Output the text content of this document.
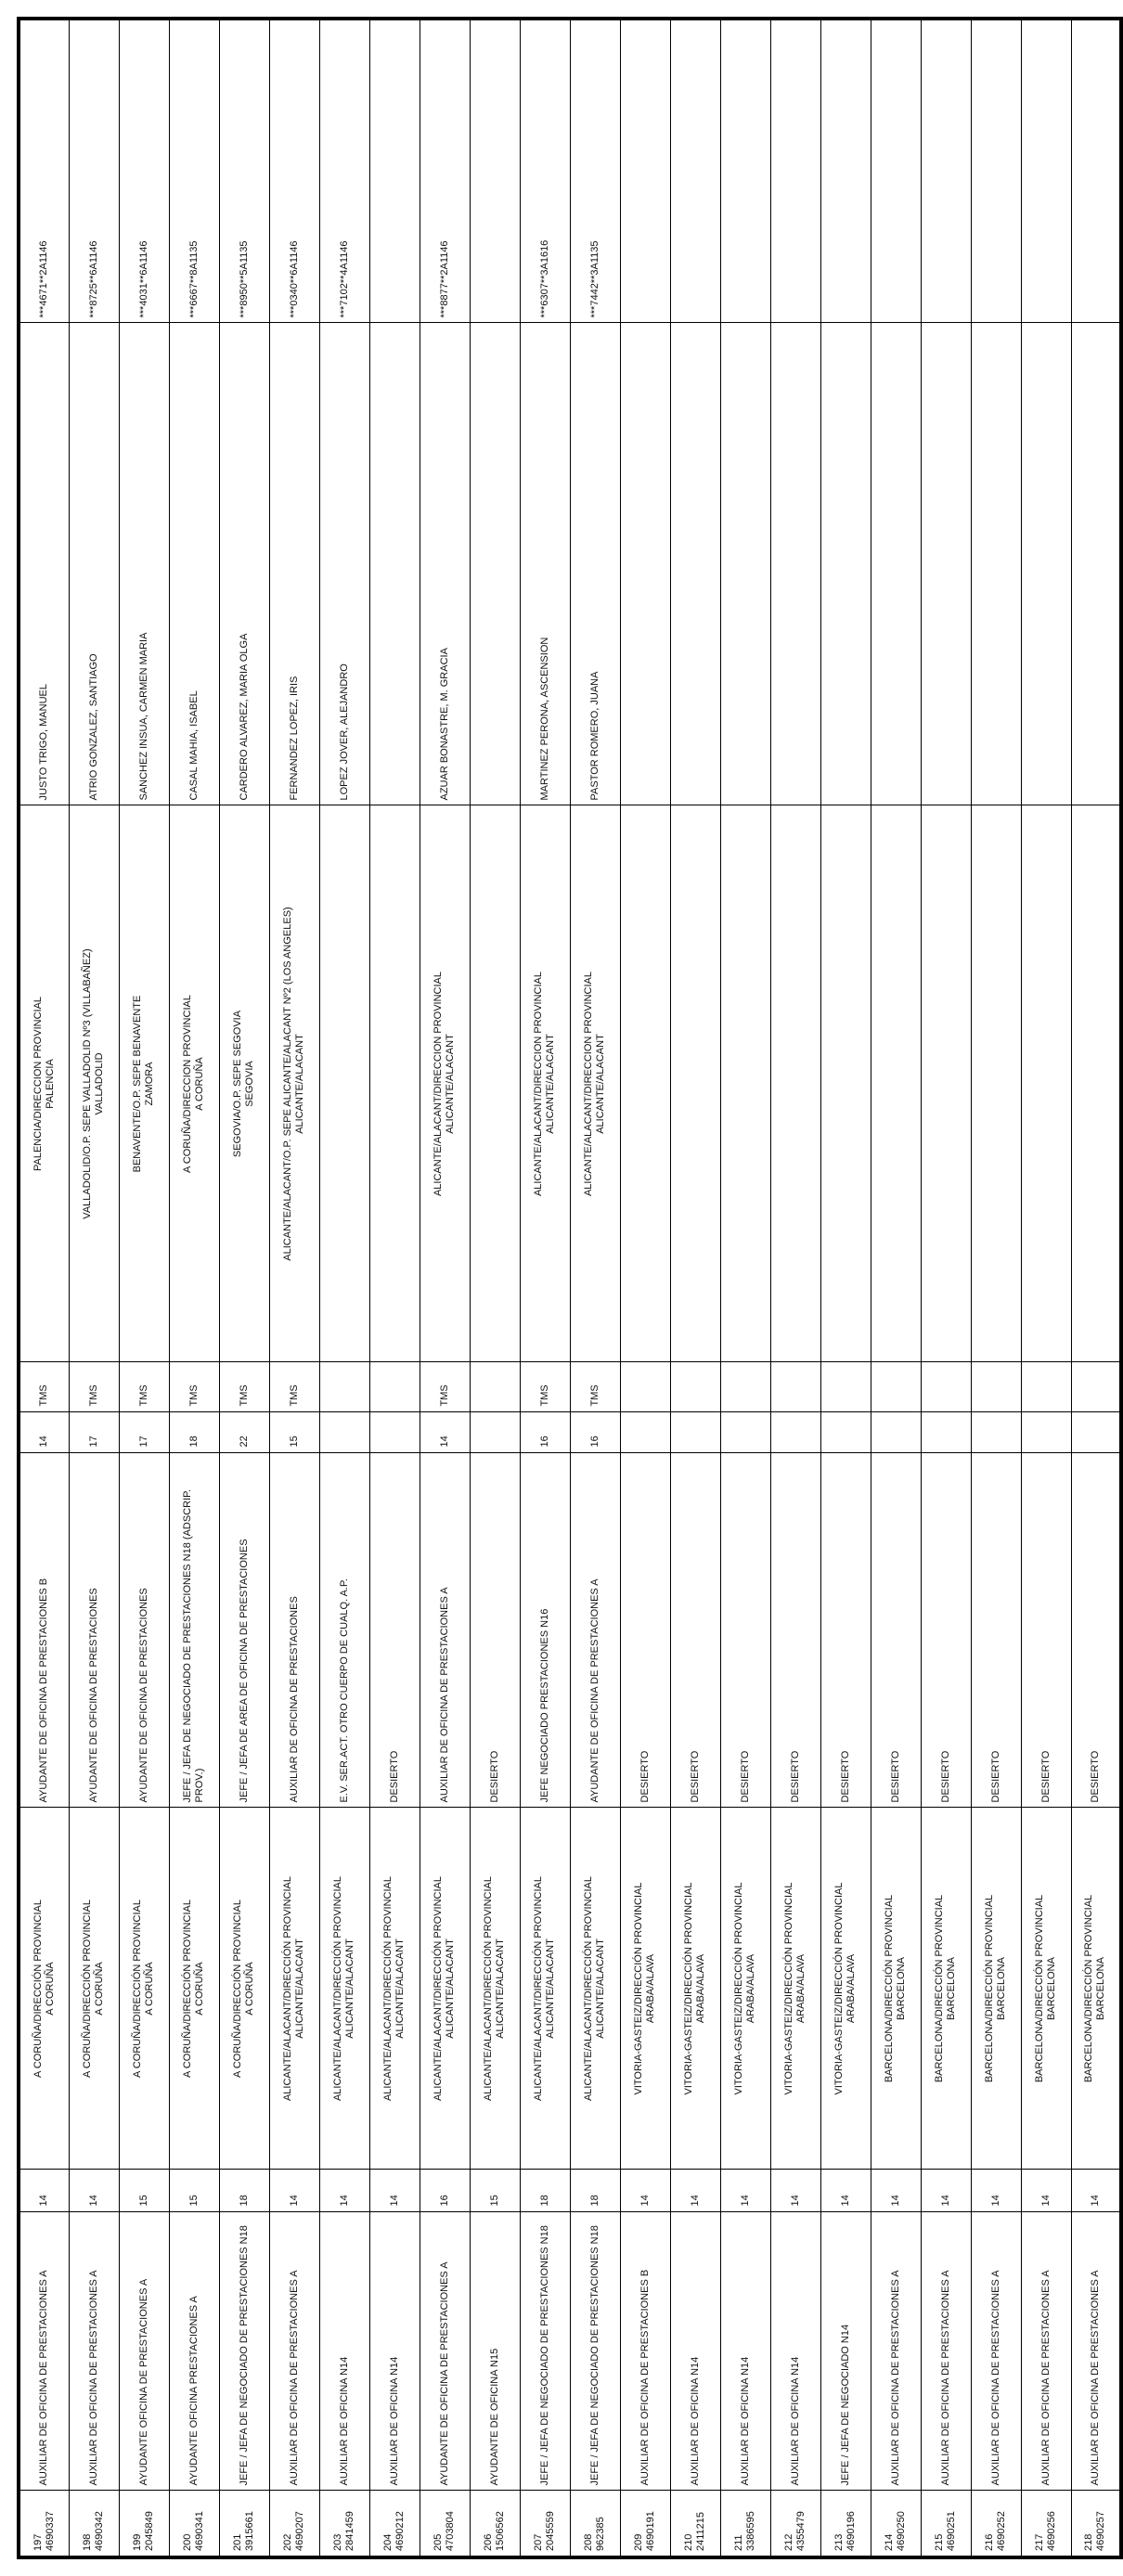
197 4690337	AUXILIAR DE OFICINA DE PRESTACIONES A	14	A CORUÑA/DIRECCIÓN PROVINCIAL A CORUÑA	AYUDANTE DE OFICINA DE PRESTACIONES B	14	TMS	PALENCIA/DIRECCION PROVINCIAL PALENCIA	JUSTO TRIGO, MANUEL	***4671**2A1146

198 4690342	AUXILIAR DE OFICINA DE PRESTACIONES A	14	A CORUÑA/DIRECCIÓN PROVINCIAL A CORUÑA	AYUDANTE DE OFICINA DE PRESTACIONES	17	TMS	VALLADOLID/O.P. SEPE VALLADOLID Nº3 (VILLABAÑEZ) VALLADOLID	ATRIO GONZALEZ, SANTIAGO	***8725**6A1146

199 2045849	AYUDANTE OFICINA DE PRESTACIONES A	15	A CORUÑA/DIRECCIÓN PROVINCIAL A CORUÑA	AYUDANTE DE OFICINA DE PRESTACIONES	17	TMS	BENAVENTE/O.P. SEPE BENAVENTE ZAMORA	SANCHEZ INSUA, CARMEN MARIA	***4031**6A1146

200 4690341	AYUDANTE OFICINA PRESTACIONES A	15	A CORUÑA/DIRECCIÓN PROVINCIAL A CORUÑA	JEFE / JEFA DE NEGOCIADO DE PRESTACIONES N18 (ADSCRIP. PROV.)	18	TMS	A CORUÑA/DIRECCION PROVINCIAL A CORUÑA	CASAL MAHIA, ISABEL	***6667**8A1135

201 3915661	JEFE / JEFA DE NEGOCIADO DE PRESTACIONES N18	18	A CORUÑA/DIRECCIÓN PROVINCIAL A CORUÑA	JEFE / JEFA DE AREA DE OFICINA DE PRESTACIONES	22	TMS	SEGOVIA/O.P. SEPE SEGOVIA SEGOVIA	CARDERO ALVAREZ, MARIA OLGA	***8950**5A1135

202 4690207	AUXILIAR DE OFICINA DE PRESTACIONES A	14	ALICANTE/ALACANT/DIRECCIÓN PROVINCIAL ALICANTE/ALACANT	AUXILIAR DE OFICINA DE PRESTACIONES	15	TMS	ALICANTE/ALACANT/O.P. SEPE ALICANTE/ALACANT Nº2 (LOS ANGELES) ALICANTE/ALACANT	FERNANDEZ LOPEZ, IRIS	***0340**6A1146

203 2841459	AUXILIAR DE OFICINA N14	14	ALICANTE/ALACANT/DIRECCIÓN PROVINCIAL ALICANTE/ALACANT	E.V. SER.ACT. OTRO CUERPO DE CUALQ. A.P.				LOPEZ JOVER, ALEJANDRO	***7102**4A1146

204 4690212	AUXILIAR DE OFICINA N14	14	ALICANTE/ALACANT/DIRECCIÓN PROVINCIAL ALICANTE/ALACANT	DESIERTO			

205 4703804	AYUDANTE DE OFICINA DE PRESTACIONES A	16	ALICANTE/ALACANT/DIRECCIÓN PROVINCIAL ALICANTE/ALACANT	AUXILIAR DE OFICINA DE PRESTACIONES A	14	TMS	ALICANTE/ALACANT/DIRECCION PROVINCIAL ALICANTE/ALACANT	AZUAR BONASTRE, M. GRACIA	***8877**2A1146

206 1506562	AYUDANTE DE OFICINA N15	15	ALICANTE/ALACANT/DIRECCIÓN PROVINCIAL ALICANTE/ALACANT	DESIERTO			

207 2045559	JEFE / JEFA DE NEGOCIADO DE PRESTACIONES N18	18	ALICANTE/ALACANT/DIRECCIÓN PROVINCIAL ALICANTE/ALACANT	JEFE NEGOCIADO PRESTACIONES N16	16	TMS	ALICANTE/ALACANT/DIRECCION PROVINCIAL ALICANTE/ALACANT	MARTINEZ PERONA, ASCENSION	***6307**3A1616

208 962385	JEFE / JEFA DE NEGOCIADO DE PRESTACIONES N18	18	ALICANTE/ALACANT/DIRECCIÓN PROVINCIAL ALICANTE/ALACANT	AYUDANTE DE OFICINA DE PRESTACIONES A	16	TMS	ALICANTE/ALACANT/DIRECCION PROVINCIAL ALICANTE/ALACANT	PASTOR ROMERO, JUANA	***7442**3A1135

209 4690191	AUXILIAR DE OFICINA DE PRESTACIONES B	14	VITORIA-GASTEIZ/DIRECCIÓN PROVINCIAL ARABA/ALAVA	DESIERTO			

210 2411215	AUXILIAR DE OFICINA N14	14	VITORIA-GASTEIZ/DIRECCIÓN PROVINCIAL ARABA/ALAVA	DESIERTO			

211 3386595	AUXILIAR DE OFICINA N14	14	VITORIA-GASTEIZ/DIRECCIÓN PROVINCIAL ARABA/ALAVA	DESIERTO			

212 4355479	AUXILIAR DE OFICINA N14	14	VITORIA-GASTEIZ/DIRECCIÓN PROVINCIAL ARABA/ALAVA	DESIERTO			

213 4690196	JEFE / JEFA DE NEGOCIADO N14	14	VITORIA-GASTEIZ/DIRECCIÓN PROVINCIAL ARABA/ALAVA	DESIERTO			

214 4690250	AUXILIAR DE OFICINA DE PRESTACIONES A	14	BARCELONA/DIRECCIÓN PROVINCIAL BARCELONA	DESIERTO			

215 4690251	AUXILIAR DE OFICINA DE PRESTACIONES A	14	BARCELONA/DIRECCIÓN PROVINCIAL BARCELONA	DESIERTO			

216 4690252	AUXILIAR DE OFICINA DE PRESTACIONES A	14	BARCELONA/DIRECCIÓN PROVINCIAL BARCELONA	DESIERTO			

217 4690256	AUXILIAR DE OFICINA DE PRESTACIONES A	14	BARCELONA/DIRECCIÓN PROVINCIAL BARCELONA	DESIERTO			

218 4690257	AUXILIAR DE OFICINA DE PRESTACIONES A	14	BARCELONA/DIRECCIÓN PROVINCIAL BARCELONA	DESIERTO			
